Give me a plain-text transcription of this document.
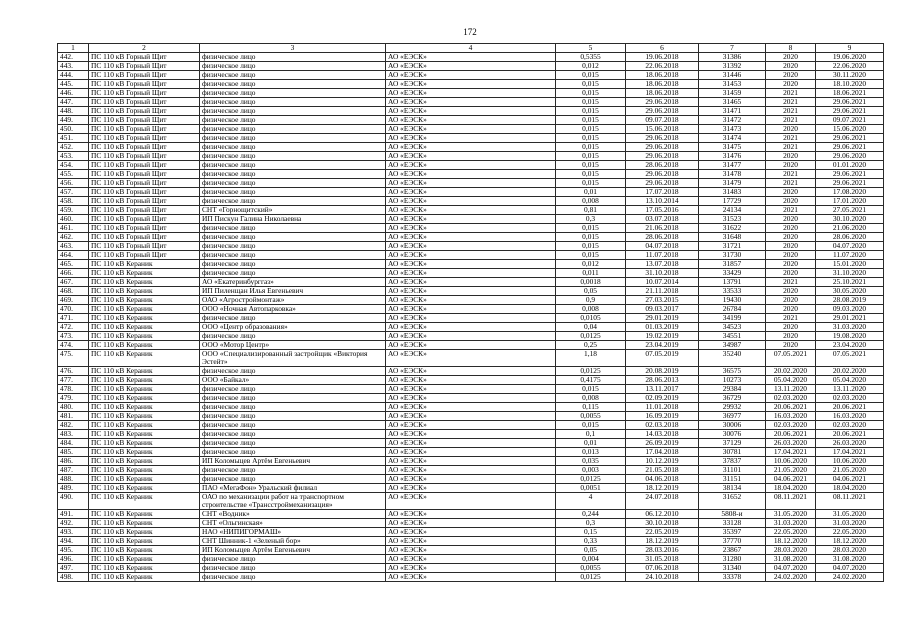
172
1	2	3	4	5	6	7	8	9
442.	ПС 110 кВ Горный Щит	физическое лицо	АО «ЕЭСК»	0,5355	19.06.2018	31386	2020	19.06.2020
443.	ПС 110 кВ Горный Щит	физическое лицо	АО «ЕЭСК»	0,012	22.06.2018	31392	2020	22.06.2020
444.	ПС 110 кВ Горный Щит	физическое лицо	АО «ЕЭСК»	0,015	18.06.2018	31446	2020	30.11.2020
445.	ПС 110 кВ Горный Щит	физическое лицо	АО «ЕЭСК»	0,015	18.06.2018	31453	2020	18.10.2020
446.	ПС 110 кВ Горный Щит	физическое лицо	АО «ЕЭСК»	0,015	18.06.2018	31459	2021	18.06.2021
447.	ПС 110 кВ Горный Щит	физическое лицо	АО «ЕЭСК»	0,015	29.06.2018	31465	2021	29.06.2021
448.	ПС 110 кВ Горный Щит	физическое лицо	АО «ЕЭСК»	0,015	29.06.2018	31471	2021	29.06.2021
449.	ПС 110 кВ Горный Щит	физическое лицо	АО «ЕЭСК»	0,015	09.07.2018	31472	2021	09.07.2021
450.	ПС 110 кВ Горный Щит	физическое лицо	АО «ЕЭСК»	0,015	15.06.2018	31473	2020	15.06.2020
451.	ПС 110 кВ Горный Щит	физическое лицо	АО «ЕЭСК»	0,015	29.06.2018	31474	2021	29.06.2021
452.	ПС 110 кВ Горный Щит	физическое лицо	АО «ЕЭСК»	0,015	29.06.2018	31475	2021	29.06.2021
453.	ПС 110 кВ Горный Щит	физическое лицо	АО «ЕЭСК»	0,015	29.06.2018	31476	2020	29.06.2020
454.	ПС 110 кВ Горный Щит	физическое лицо	АО «ЕЭСК»	0,015	28.06.2018	31477	2020	01.01.2020
455.	ПС 110 кВ Горный Щит	физическое лицо	АО «ЕЭСК»	0,015	29.06.2018	31478	2021	29.06.2021
456.	ПС 110 кВ Горный Щит	физическое лицо	АО «ЕЭСК»	0,015	29.06.2018	31479	2021	29.06.2021
457.	ПС 110 кВ Горный Щит	физическое лицо	АО «ЕЭСК»	0,01	17.07.2018	31483	2020	17.08.2020
458.	ПС 110 кВ Горный Щит	физическое лицо	АО «ЕЭСК»	0,008	13.10.2014	17729	2020	17.01.2020
459.	ПС 110 кВ Горный Щит	СНТ «Горнощитский»	АО «ЕЭСК»	0,81	17.05.2016	24134	2021	27.05.2021
460.	ПС 110 кВ Горный Щит	ИП Пискун Галина Николаевна	АО «ЕЭСК»	0,3	03.07.2018	31523	2020	30.10.2020
461.	ПС 110 кВ Горный Щит	физическое лицо	АО «ЕЭСК»	0,015	21.06.2018	31622	2020	21.06.2020
462.	ПС 110 кВ Горный Щит	физическое лицо	АО «ЕЭСК»	0,015	28.06.2018	31648	2020	28.06.2020
463.	ПС 110 кВ Горный Щит	физическое лицо	АО «ЕЭСК»	0,015	04.07.2018	31721	2020	04.07.2020
464.	ПС 110 кВ Горный Щит	физическое лицо	АО «ЕЭСК»	0,015	11.07.2018	31730	2020	11.07.2020
465.	ПС 110 кВ Кераник	физическое лицо	АО «ЕЭСК»	0,012	13.07.2018	31857	2020	15.01.2020
466.	ПС 110 кВ Кераник	физическое лицо	АО «ЕЭСК»	0,011	31.10.2018	33429	2020	31.10.2020
467.	ПС 110 кВ Кераник	АО «Екатеринбурггаз»	АО «ЕЭСК»	0,0018	10.07.2014	13791	2021	25.10.2021
468.	ПС 110 кВ Кераник	ИП Пиленщан Илья Евгеньевич	АО «ЕЭСК»	0,05	21.11.2018	33533	2020	30.05.2020
469.	ПС 110 кВ Кераник	ОАО «Агростроймонтаж»	АО «ЕЭСК»	0,9	27.03.2015	19430	2020	28.08.2019
470.	ПС 110 кВ Кераник	ООО «Ночная Автопарковка»	АО «ЕЭСК»	0,008	09.03.2017	26784	2020	09.03.2020
471.	ПС 110 кВ Кераник	физическое лицо	АО «ЕЭСК»	0,0105	29.01.2019	34199	2021	29.01.2021
472.	ПС 110 кВ Кераник	ООО «Центр образования»	АО «ЕЭСК»	0,04	01.03.2019	34523	2020	31.03.2020
473.	ПС 110 кВ Кераник	физическое лицо	АО «ЕЭСК»	0,0125	19.02.2019	34551	2020	19.08.2020
474.	ПС 110 кВ Кераник	ООО «Мотор Центр»	АО «ЕЭСК»	0,25	23.04.2019	34987	2020	23.04.2020
475.	ПС 110 кВ Кераник	ООО «Специализированный застройщик «Виктория
Эстейт»	АО «ЕЭСК»	1,18	07.05.2019	35240	07.05.2021	07.05.2021
476.	ПС 110 кВ Кераник	физическое лицо	АО «ЕЭСК»	0,0125	20.08.2019	36575	20.02.2020	20.02.2020
477.	ПС 110 кВ Кераник	ООО «Байкал»	АО «ЕЭСК»	0,4175	28.06.2013	10273	05.04.2020	05.04.2020
478.	ПС 110 кВ Кераник	физическое лицо	АО «ЕЭСК»	0,015	13.11.2017	29384	13.11.2020	13.11.2020
479.	ПС 110 кВ Кераник	физическое лицо	АО «ЕЭСК»	0,008	02.09.2019	36729	02.03.2020	02.03.2020
480.	ПС 110 кВ Кераник	физическое лицо	АО «ЕЭСК»	0,115	11.01.2018	29932	20.06.2021	20.06.2021
481.	ПС 110 кВ Кераник	физическое лицо	АО «ЕЭСК»	0,0055	16.09.2019	36977	16.03.2020	16.03.2020
482.	ПС 110 кВ Кераник	физическое лицо	АО «ЕЭСК»	0,015	02.03.2018	30006	02.03.2020	02.03.2020
483.	ПС 110 кВ Кераник	физическое лицо	АО «ЕЭСК»	0,1	14.03.2018	30076	20.06.2021	20.06.2021
484.	ПС 110 кВ Кераник	физическое лицо	АО «ЕЭСК»	0,01	26.09.2019	37129	26.03.2020	26.03.2020
485.	ПС 110 кВ Кераник	физическое лицо	АО «ЕЭСК»	0,013	17.04.2018	30781	17.04.2021	17.04.2021
486.	ПС 110 кВ Кераник	ИП Коломыцев Артём Евгеньевич	АО «ЕЭСК»	0,035	10.12.2019	37837	10.06.2020	10.06.2020
487.	ПС 110 кВ Кераник	физическое лицо	АО «ЕЭСК»	0,003	21.05.2018	31101	21.05.2020	21.05.2020
488.	ПС 110 кВ Кераник	физическое лицо	АО «ЕЭСК»	0,0125	04.06.2018	31151	04.06.2021	04.06.2021
489.	ПС 110 кВ Кераник	ПАО «МегаФон» Уральский филиал	АО «ЕЭСК»	0,0051	18.12.2019	38134	18.04.2020	18.04.2020
490.	ПС 110 кВ Кераник	ОАО по механизации работ на транспортном
строительстве «Трансстроймеханизация»	АО «ЕЭСК»	4	24.07.2018	31652	08.11.2021	08.11.2021
491.	ПС 110 кВ Кераник	СНТ «Водник»	АО «ЕЭСК»	0,244	06.12.2010	5808-и	31.05.2020	31.05.2020
492.	ПС 110 кВ Кераник	СНТ «Ольгинская»	АО «ЕЭСК»	0,3	30.10.2018	33128	31.03.2020	31.03.2020
493.	ПС 110 кВ Кераник	НАО «НИПИГОРМАШ»	АО «ЕЭСК»	0,15	22.05.2019	35397	22.05.2020	22.05.2020
494.	ПС 110 кВ Кераник	СНТ Шинник-1 «Зеленый бор»	АО «ЕЭСК»	0,33	18.12.2019	37770	18.12.2020	18.12.2020
495.	ПС 110 кВ Кераник	ИП Коломыцев Артём Евгеньевич	АО «ЕЭСК»	0,05	28.03.2016	23867	28.03.2020	28.03.2020
496.	ПС 110 кВ Кераник	физическое лицо	АО «ЕЭСК»	0,004	31.05.2018	31280	31.08.2020	31.08.2020
497.	ПС 110 кВ Кераник	физическое лицо	АО «ЕЭСК»	0,0055	07.06.2018	31340	04.07.2020	04.07.2020
498.	ПС 110 кВ Кераник	физическое лицо	АО «ЕЭСК»	0,0125	24.10.2018	33378	24.02.2020	24.02.2020
